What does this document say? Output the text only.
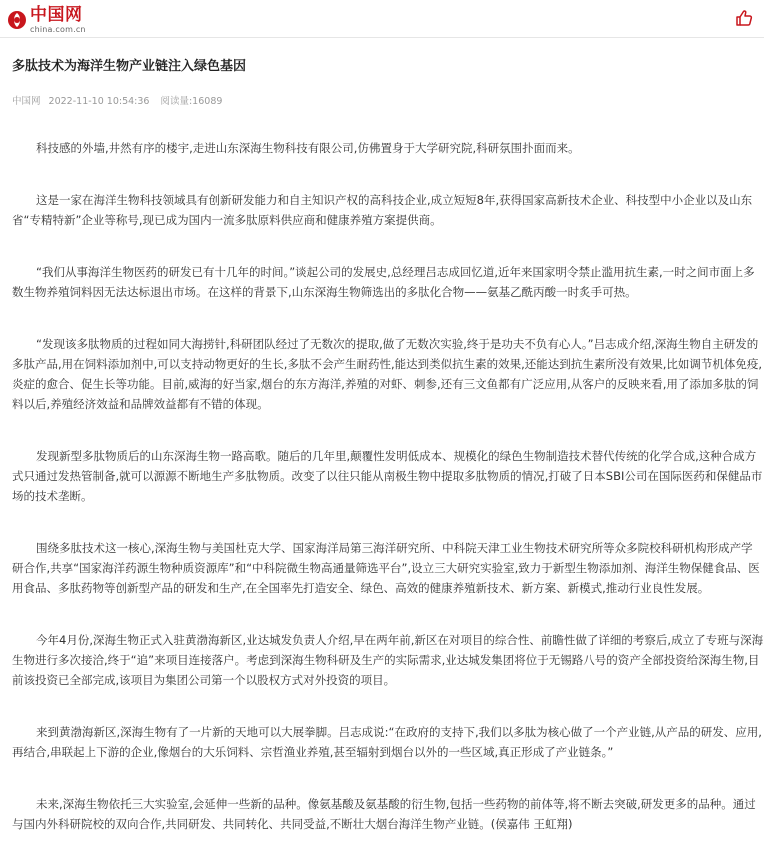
中国网
china.com.cn
多肽技术为海洋生物产业链注入绿色基因
中国网 2022-11-10 10:54:36 阅读量:16089

科技感的外墙,井然有序的楼宇,走进山东深海生物科技有限公司,仿佛置身于大学研究院,科研氛围扑面而来。

这是一家在海洋生物科技领域具有创新研发能力和自主知识产权的高科技企业,成立短短8年,获得国家高新技术企业、科技型中小企业以及山东省“专精特新”企业等称号,现已成为国内一流多肽原料供应商和健康养殖方案提供商。

“我们从事海洋生物医药的研发已有十几年的时间。”谈起公司的发展史,总经理吕志成回忆道,近年来国家明令禁止滥用抗生素,一时之间市面上多数生物养殖饲料因无法达标退出市场。在这样的背景下,山东深海生物筛选出的多肽化合物——氨基乙酰丙酸一时炙手可热。

“发现该多肽物质的过程如同大海捞针,科研团队经过了无数次的提取,做了无数次实验,终于是功夫不负有心人。”吕志成介绍,深海生物自主研发的多肽产品,用在饲料添加剂中,可以支持动物更好的生长,多肽不会产生耐药性,能达到类似抗生素的效果,还能达到抗生素所没有效果,比如调节机体免疫,炎症的愈合、促生长等功能。目前,威海的好当家,烟台的东方海洋,养殖的对虾、刺参,还有三文鱼都有广泛应用,从客户的反映来看,用了添加多肽的饲料以后,养殖经济效益和品牌效益都有不错的体现。

发现新型多肽物质后的山东深海生物一路高歌。随后的几年里,颠覆性发明低成本、规模化的绿色生物制造技术替代传统的化学合成,这种合成方式只通过发热管制备,就可以源源不断地生产多肽物质。改变了以往只能从南极生物中提取多肽物质的情况,打破了日本SBI公司在国际医药和保健品市场的技术垄断。

围绕多肽技术这一核心,深海生物与美国杜克大学、国家海洋局第三海洋研究所、中科院天津工业生物技术研究所等众多院校科研机构形成产学研合作,共享“国家海洋药源生物种质资源库”和“中科院微生物高通量筛选平台”,设立三大研究实验室,致力于新型生物添加剂、海洋生物保健食品、医用食品、多肽药物等创新型产品的研发和生产,在全国率先打造安全、绿色、高效的健康养殖新技术、新方案、新模式,推动行业良性发展。

今年4月份,深海生物正式入驻黄渤海新区,业达城发负责人介绍,早在两年前,新区在对项目的综合性、前瞻性做了详细的考察后,成立了专班与深海生物进行多次接洽,终于“追”来项目连接落户。考虑到深海生物科研及生产的实际需求,业达城发集团将位于无锡路八号的资产全部投资给深海生物,目前该投资已全部完成,该项目为集团公司第一个以股权方式对外投资的项目。

来到黄渤海新区,深海生物有了一片新的天地可以大展拳脚。吕志成说:“在政府的支持下,我们以多肽为核心做了一个产业链,从产品的研发、应用,再结合,串联起上下游的企业,像烟台的大乐饲料、宗哲渔业养殖,甚至辐射到烟台以外的一些区域,真正形成了产业链条。”

未来,深海生物依托三大实验室,会延伸一些新的品种。像氨基酸及氨基酸的衍生物,包括一些药物的前体等,将不断去突破,研发更多的品种。通过与国内外科研院校的双向合作,共同研发、共同转化、共同受益,不断壮大烟台海洋生物产业链。(侯嘉伟 王虹翔)
